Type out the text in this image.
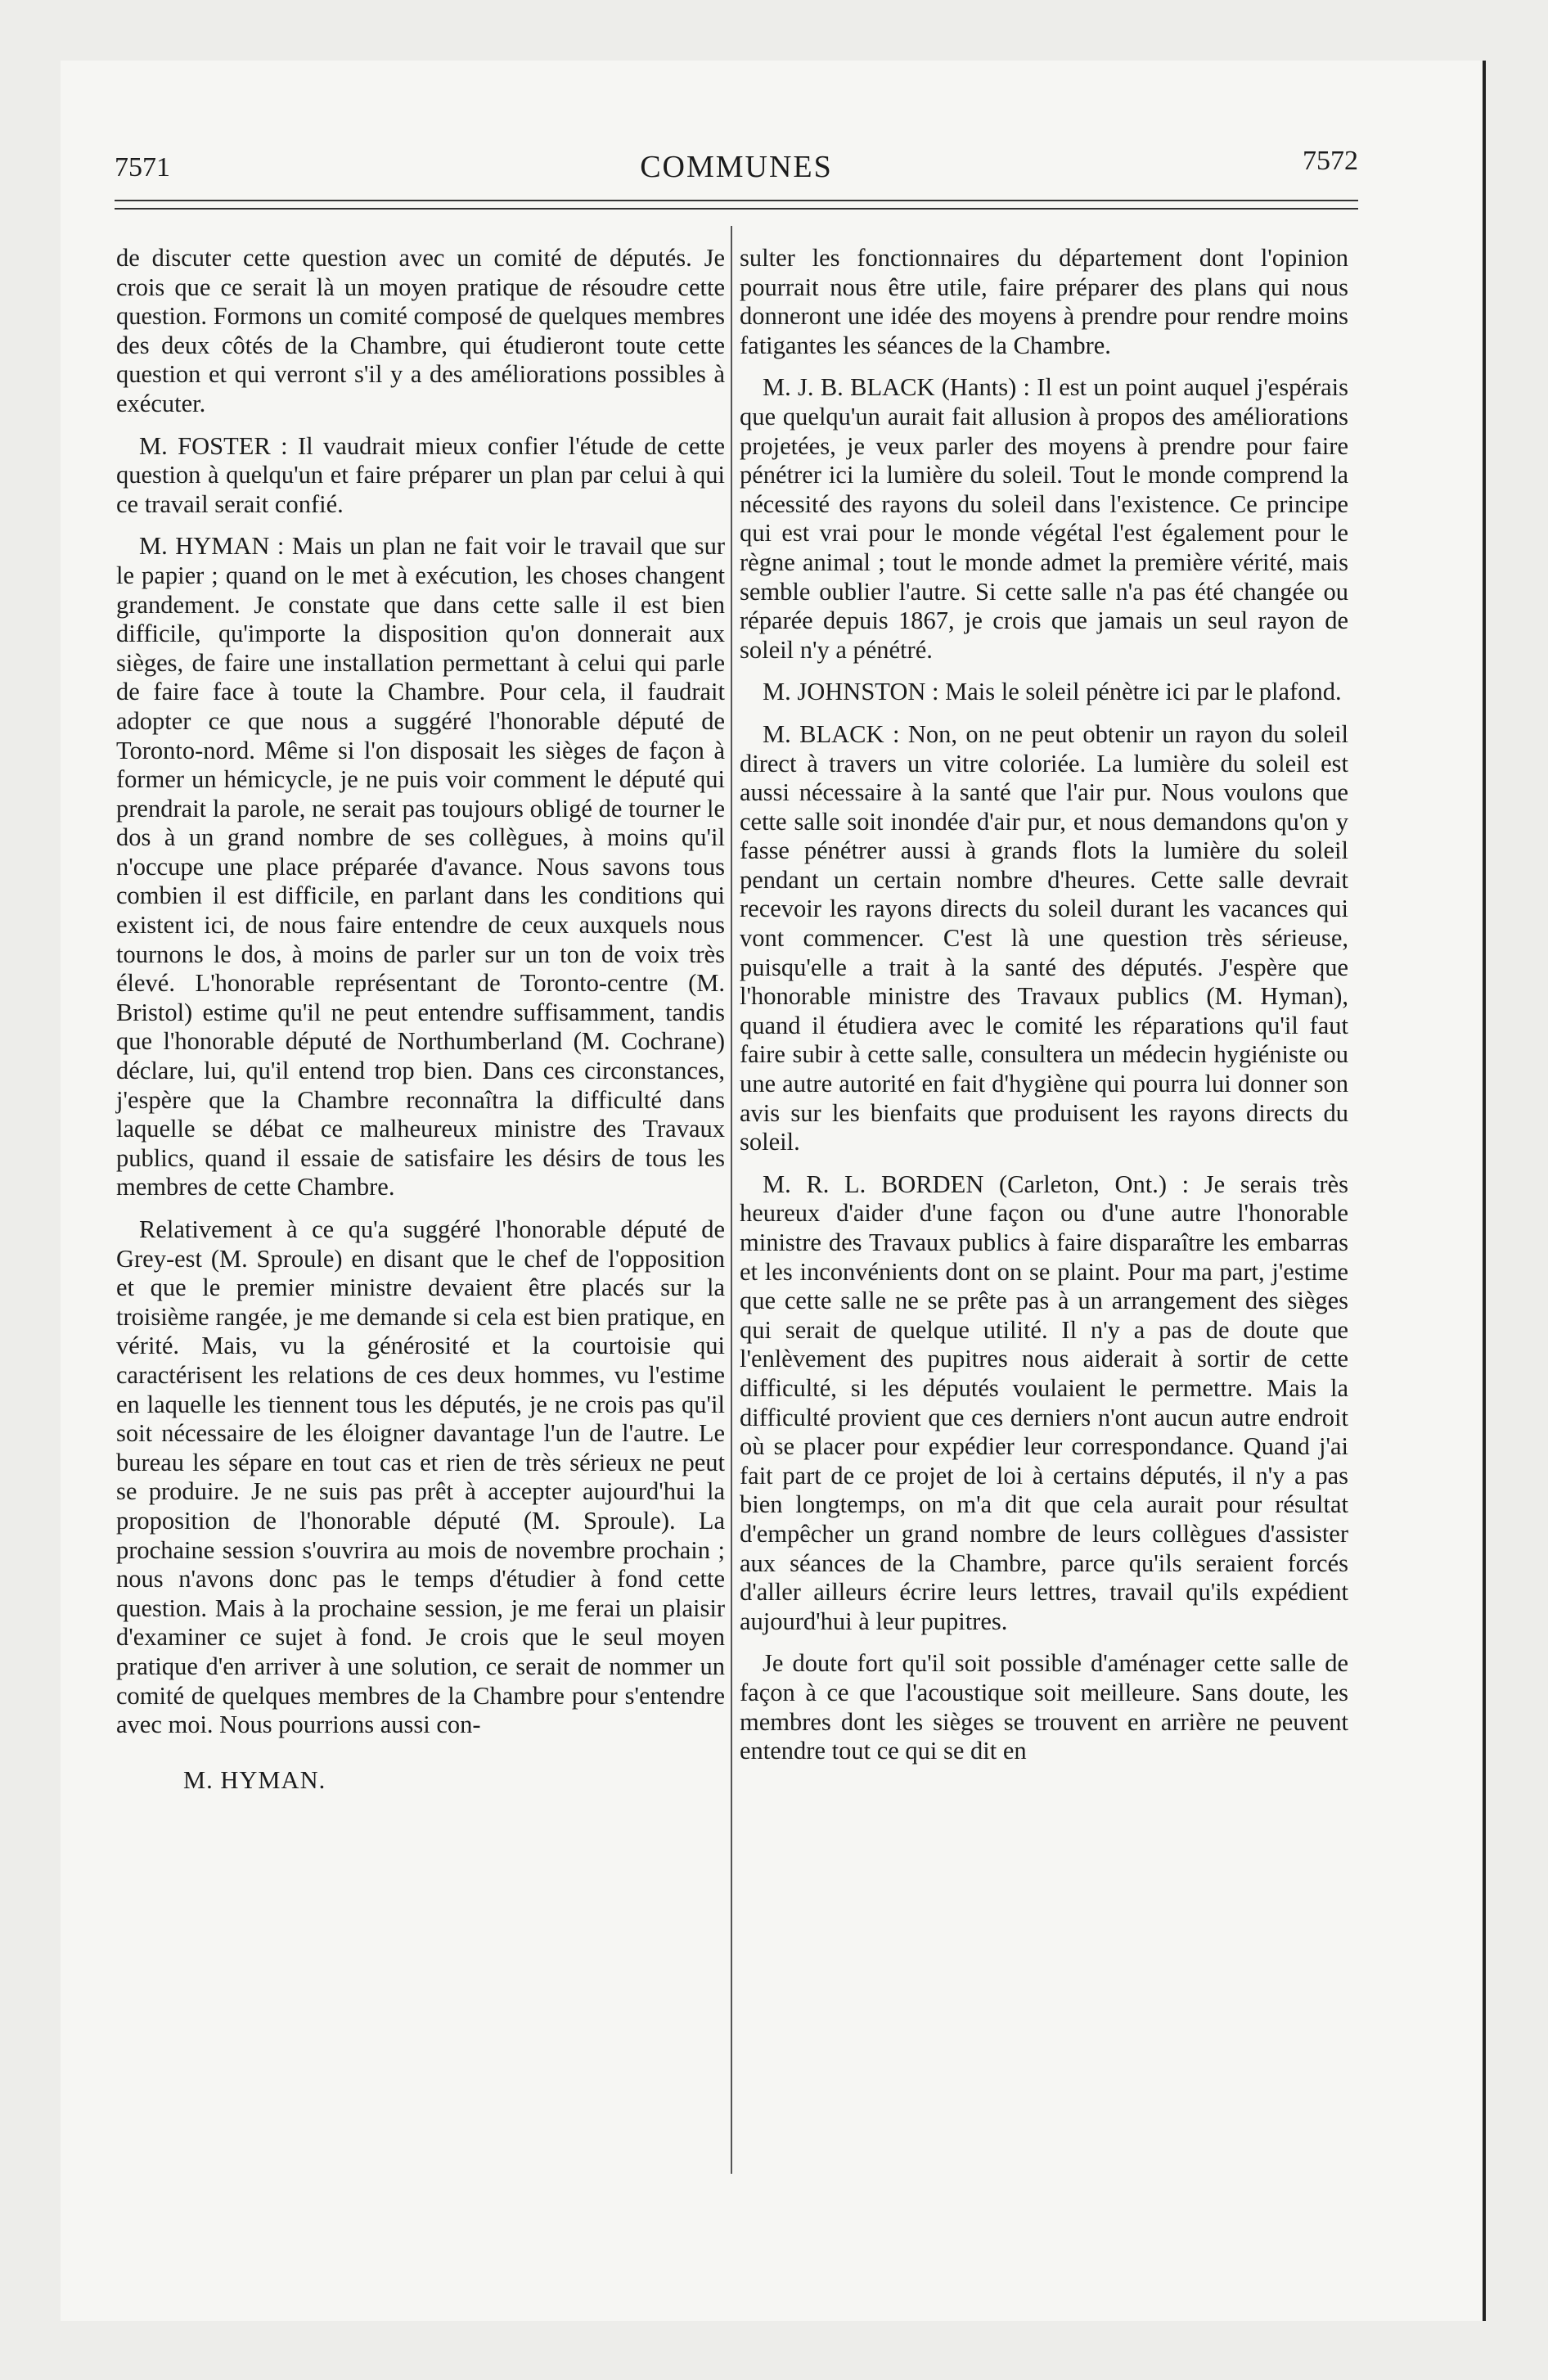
7571	COMMUNES	7572

de discuter cette question avec un comité de députés. Je crois que ce serait là un moyen pratique de résoudre cette question. Formons un comité composé de quelques membres des deux côtés de la Chambre, qui étudieront toute cette question et qui verront s'il y a des améliorations possibles à exécuter.

M. FOSTER : Il vaudrait mieux confier l'étude de cette question à quelqu'un et faire préparer un plan par celui à qui ce travail serait confié.

M. HYMAN : Mais un plan ne fait voir le travail que sur le papier ; quand on le met à exécution, les choses changent grandement. Je constate que dans cette salle il est bien difficile, qu'importe la disposition qu'on donnerait aux sièges, de faire une installation permettant à celui qui parle de faire face à toute la Chambre. Pour cela, il faudrait adopter ce que nous a suggéré l'honorable député de Toronto-nord. Même si l'on disposait les sièges de façon à former un hémicycle, je ne puis voir comment le député qui prendrait la parole, ne serait pas toujours obligé de tourner le dos à un grand nombre de ses collègues, à moins qu'il n'occupe une place préparée d'avance. Nous savons tous combien il est difficile, en parlant dans les conditions qui existent ici, de nous faire entendre de ceux auxquels nous tournons le dos, à moins de parler sur un ton de voix très élevé. L'honorable représentant de Toronto-centre (M. Bristol) estime qu'il ne peut entendre suffisamment, tandis que l'honorable député de Northumberland (M. Cochrane) déclare, lui, qu'il entend trop bien. Dans ces circonstances, j'espère que la Chambre reconnaîtra la difficulté dans laquelle se débat ce malheureux ministre des Travaux publics, quand il essaie de satisfaire les désirs de tous les membres de cette Chambre.

Relativement à ce qu'a suggéré l'honorable député de Grey-est (M. Sproule) en disant que le chef de l'opposition et que le premier ministre devaient être placés sur la troisième rangée, je me demande si cela est bien pratique, en vérité. Mais, vu la générosité et la courtoisie qui caractérisent les relations de ces deux hommes, vu l'estime en laquelle les tiennent tous les députés, je ne crois pas qu'il soit nécessaire de les éloigner davantage l'un de l'autre. Le bureau les sépare en tout cas et rien de très sérieux ne peut se produire. Je ne suis pas prêt à accepter aujourd'hui la proposition de l'honorable député (M. Sproule). La prochaine session s'ouvrira au mois de novembre prochain ; nous n'avons donc pas le temps d'étudier à fond cette question. Mais à la prochaine session, je me ferai un plaisir d'examiner ce sujet à fond. Je crois que le seul moyen pratique d'en arriver à une solution, ce serait de nommer un comité de quelques membres de la Chambre pour s'entendre avec moi. Nous pourrions aussi con-

M. HYMAN.

sulter les fonctionnaires du département dont l'opinion pourrait nous être utile, faire préparer des plans qui nous donneront une idée des moyens à prendre pour rendre moins fatigantes les séances de la Chambre.

M. J. B. BLACK (Hants) : Il est un point auquel j'espérais que quelqu'un aurait fait allusion à propos des améliorations projetées, je veux parler des moyens à prendre pour faire pénétrer ici la lumière du soleil. Tout le monde comprend la nécessité des rayons du soleil dans l'existence. Ce principe qui est vrai pour le monde végétal l'est également pour le règne animal ; tout le monde admet la première vérité, mais semble oublier l'autre. Si cette salle n'a pas été changée ou réparée depuis 1867, je crois que jamais un seul rayon de soleil n'y a pénétré.

M. JOHNSTON : Mais le soleil pénètre ici par le plafond.

M. BLACK : Non, on ne peut obtenir un rayon du soleil direct à travers un vitre coloriée. La lumière du soleil est aussi nécessaire à la santé que l'air pur. Nous voulons que cette salle soit inondée d'air pur, et nous demandons qu'on y fasse pénétrer aussi à grands flots la lumière du soleil pendant un certain nombre d'heures. Cette salle devrait recevoir les rayons directs du soleil durant les vacances qui vont commencer. C'est là une question très sérieuse, puisqu'elle a trait à la santé des députés. J'espère que l'honorable ministre des Travaux publics (M. Hyman), quand il étudiera avec le comité les réparations qu'il faut faire subir à cette salle, consultera un médecin hygiéniste ou une autre autorité en fait d'hygiène qui pourra lui donner son avis sur les bienfaits que produisent les rayons directs du soleil.

M. R. L. BORDEN (Carleton, Ont.) : Je serais très heureux d'aider d'une façon ou d'une autre l'honorable ministre des Travaux publics à faire disparaître les embarras et les inconvénients dont on se plaint. Pour ma part, j'estime que cette salle ne se prête pas à un arrangement des sièges qui serait de quelque utilité. Il n'y a pas de doute que l'enlèvement des pupitres nous aiderait à sortir de cette difficulté, si les députés voulaient le permettre. Mais la difficulté provient que ces derniers n'ont aucun autre endroit où se placer pour expédier leur correspondance. Quand j'ai fait part de ce projet de loi à certains députés, il n'y a pas bien longtemps, on m'a dit que cela aurait pour résultat d'empêcher un grand nombre de leurs collègues d'assister aux séances de la Chambre, parce qu'ils seraient forcés d'aller ailleurs écrire leurs lettres, travail qu'ils expédient aujourd'hui à leur pupitres.

Je doute fort qu'il soit possible d'aménager cette salle de façon à ce que l'acoustique soit meilleure. Sans doute, les membres dont les sièges se trouvent en arrière ne peuvent entendre tout ce qui se dit en
